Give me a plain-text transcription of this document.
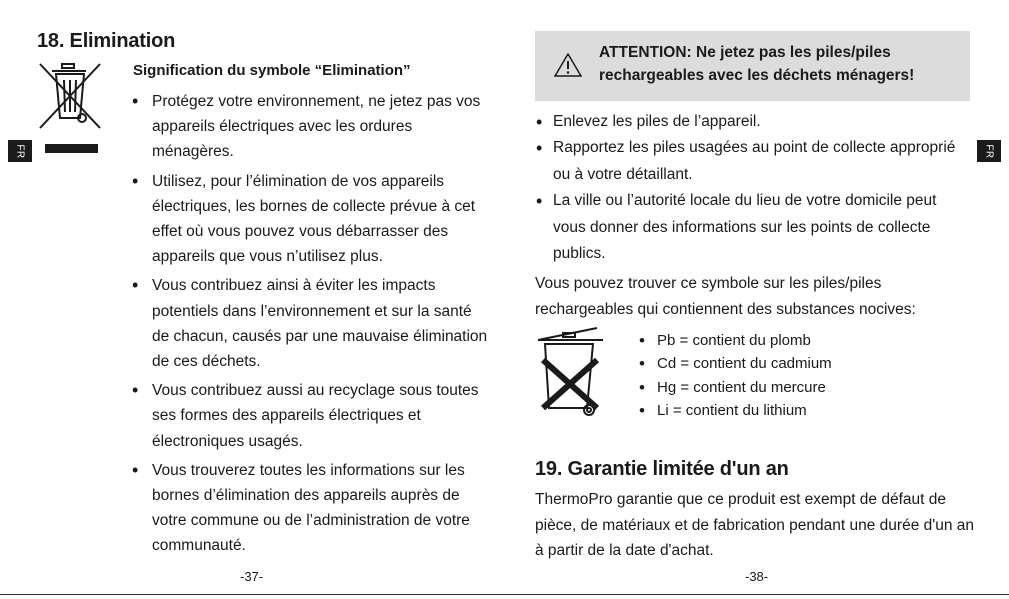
FR	FR
18. Elimination
Signification du symbole “Elimination”
• Protégez votre environnement, ne jetez pas vos appareils électriques avec les ordures ménagères.
• Utilisez, pour l’élimination de vos appareils électriques, les bornes de collecte prévue à cet effet où vous pouvez vous débarrasser des appareils que vous n’utilisez plus.
• Vous contribuez ainsi à éviter les impacts potentiels dans l’environnement et sur la santé de chacun, causés par une mauvaise élimination de ces déchets.
• Vous contribuez aussi au recyclage sous toutes ses formes des appareils électriques et électroniques usagés.
• Vous trouverez toutes les informations sur les bornes d’élimination des appareils auprès de votre commune ou de l’administration de votre communauté.
-37-
ATTENTION: Ne jetez pas les piles/piles
rechargeables avec les déchets ménagers!
• Enlevez les piles de l’appareil.
• Rapportez les piles usagées au point de collecte approprié ou à votre détaillant.
• La ville ou l’autorité locale du lieu de votre domicile peut vous donner des informations sur les points de collecte publics.
Vous pouvez trouver ce symbole sur les piles/piles rechargeables qui contiennent des substances nocives:
• Pb = contient du plomb
• Cd = contient du cadmium
• Hg = contient du mercure
• Li = contient du lithium
19. Garantie limitée d'un an
ThermoPro garantie que ce produit est exempt de défaut de pièce, de matériaux et de fabrication pendant une durée d'un an à partir de la date d'achat.
-38-
